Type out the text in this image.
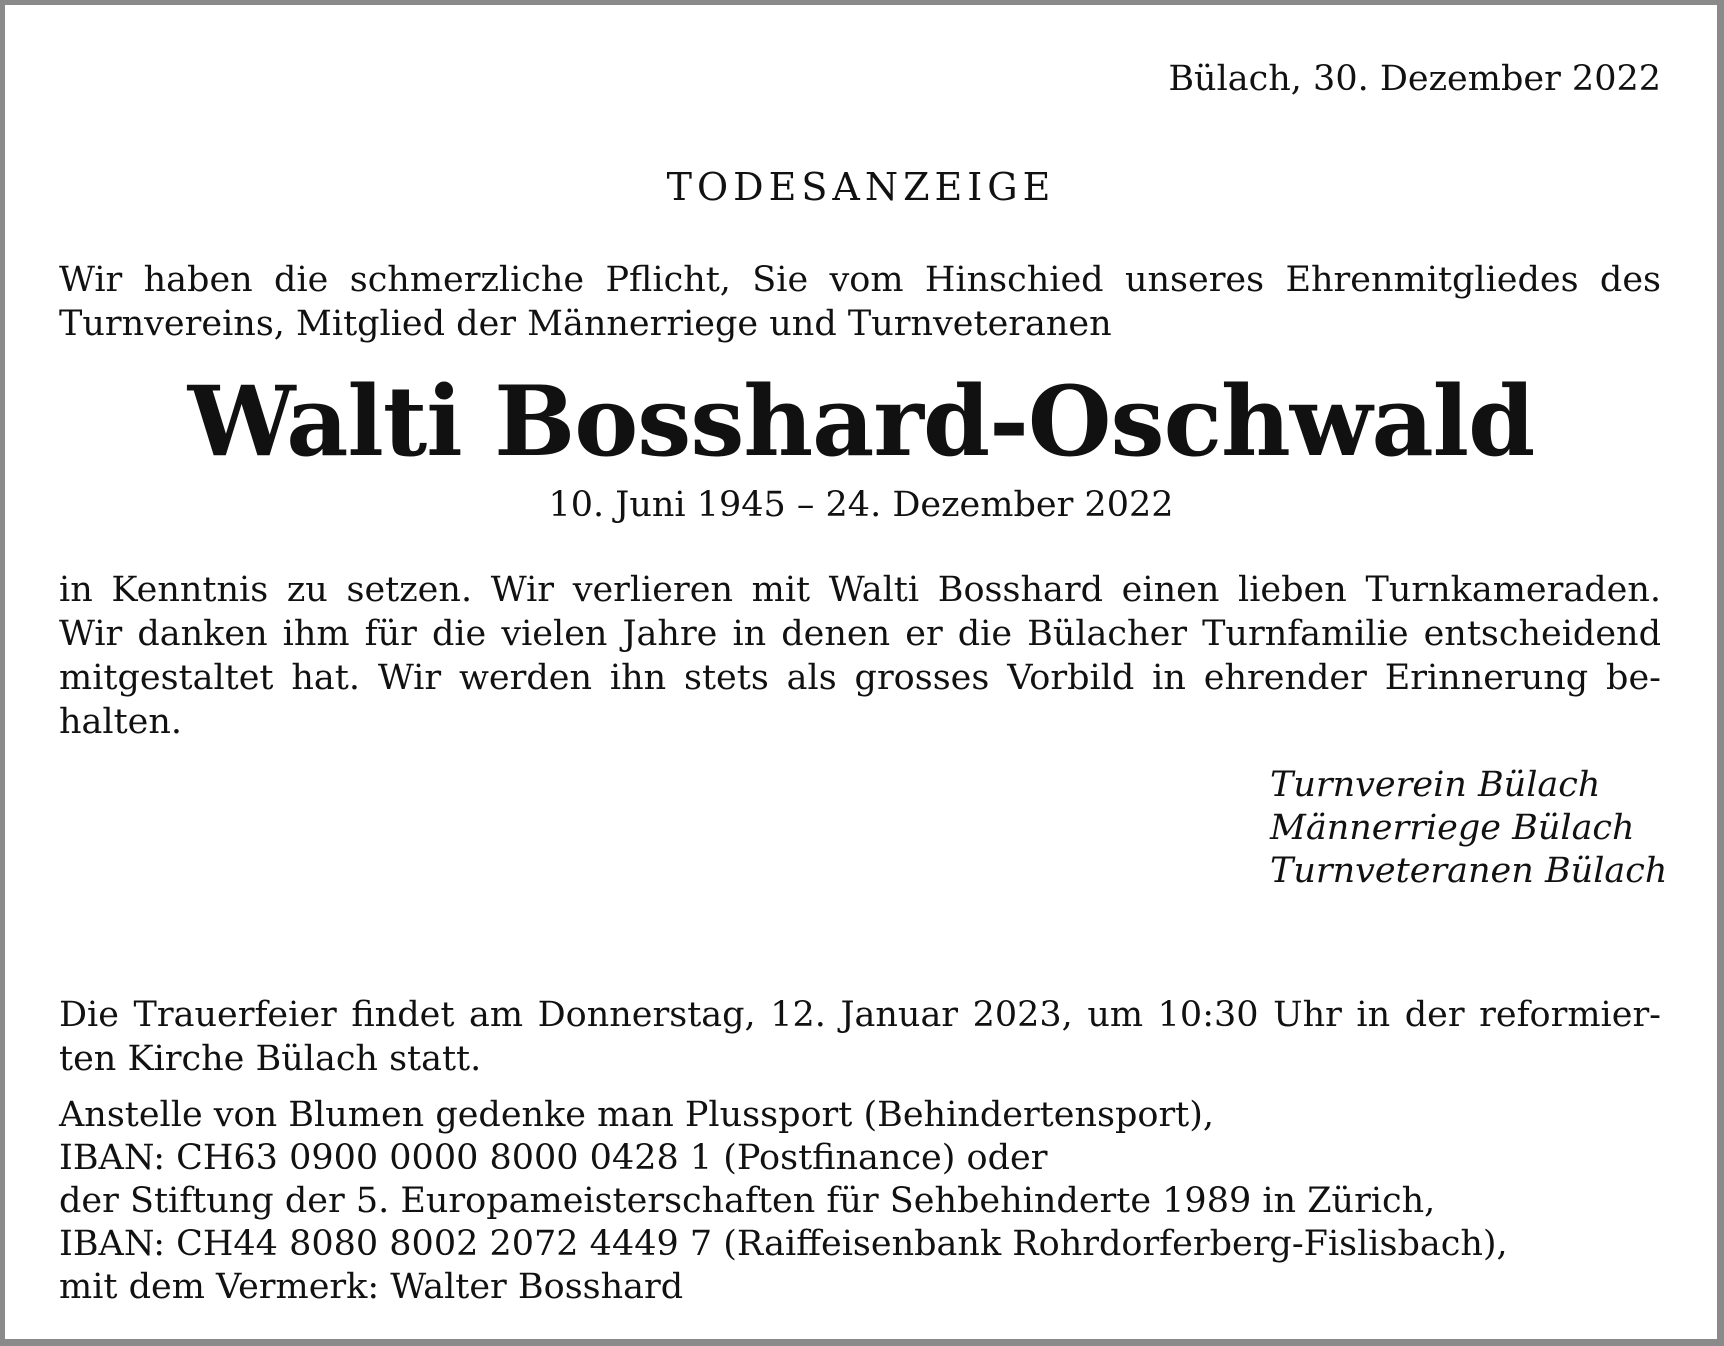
Bülach, 30. Dezember 2022
TODESANZEIGE
Wir haben die schmerzliche Pflicht, Sie vom Hinschied unseres Ehrenmitgliedes des
Turnvereins, Mitglied der Männerriege und Turnveteranen
Walti Bosshard-Oschwald
10. Juni 1945 – 24. Dezember 2022
in Kenntnis zu setzen. Wir verlieren mit Walti Bosshard einen lieben Turnkameraden.
Wir danken ihm für die vielen Jahre in denen er die Bülacher Turnfamilie entscheidend
mitgestaltet hat. Wir werden ihn stets als grosses Vorbild in ehrender Erinnerung be-
halten.
Turnverein Bülach
Männerriege Bülach
Turnveteranen Bülach
Die Trauerfeier findet am Donnerstag, 12. Januar 2023, um 10:30 Uhr in der reformier-
ten Kirche Bülach statt.
Anstelle von Blumen gedenke man Plussport (Behindertensport),
IBAN: CH63 0900 0000 8000 0428 1 (Postfinance) oder
der Stiftung der 5. Europameisterschaften für Sehbehinderte 1989 in Zürich,
IBAN: CH44 8080 8002 2072 4449 7 (Raiffeisenbank Rohrdorferberg-Fislisbach),
mit dem Vermerk: Walter Bosshard
